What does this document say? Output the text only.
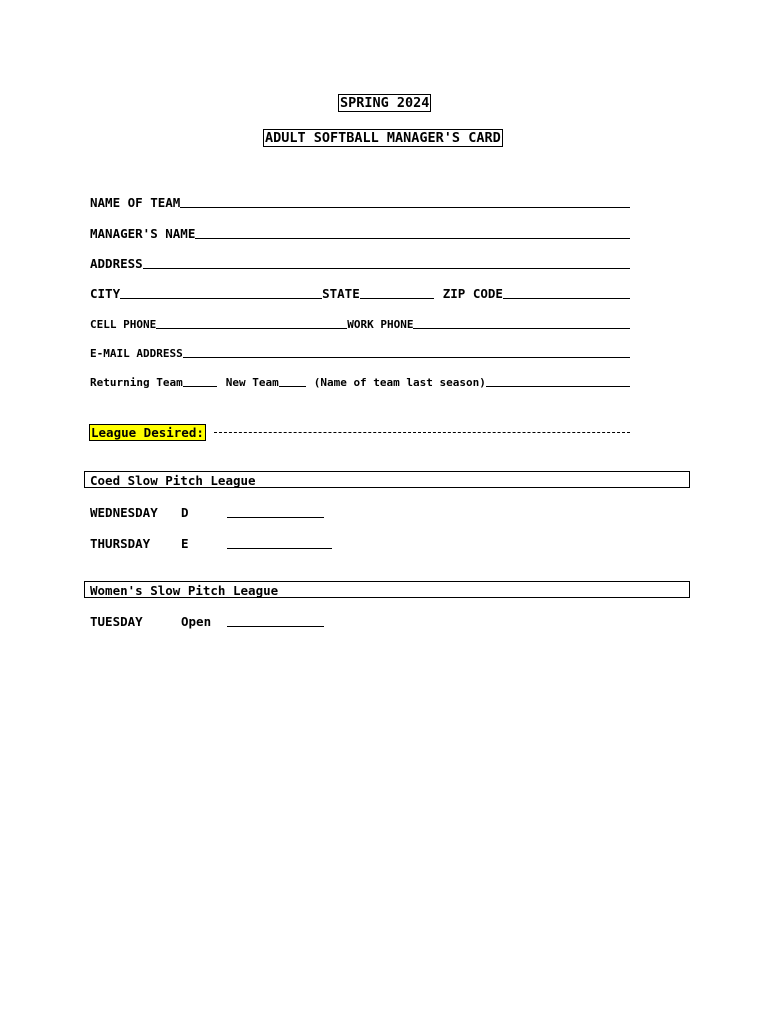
SPRING 2024
ADULT SOFTBALL MANAGER'S CARD
NAME OF TEAM
MANAGER'S NAME
ADDRESS
CITY	STATE	ZIP CODE
CELL PHONE	WORK PHONE
E-MAIL ADDRESS
Returning Team	New Team	(Name of team last season)
League Desired:
Coed Slow Pitch League
WEDNESDAY D
THURSDAY E
Women's Slow Pitch League
TUESDAY	Open
